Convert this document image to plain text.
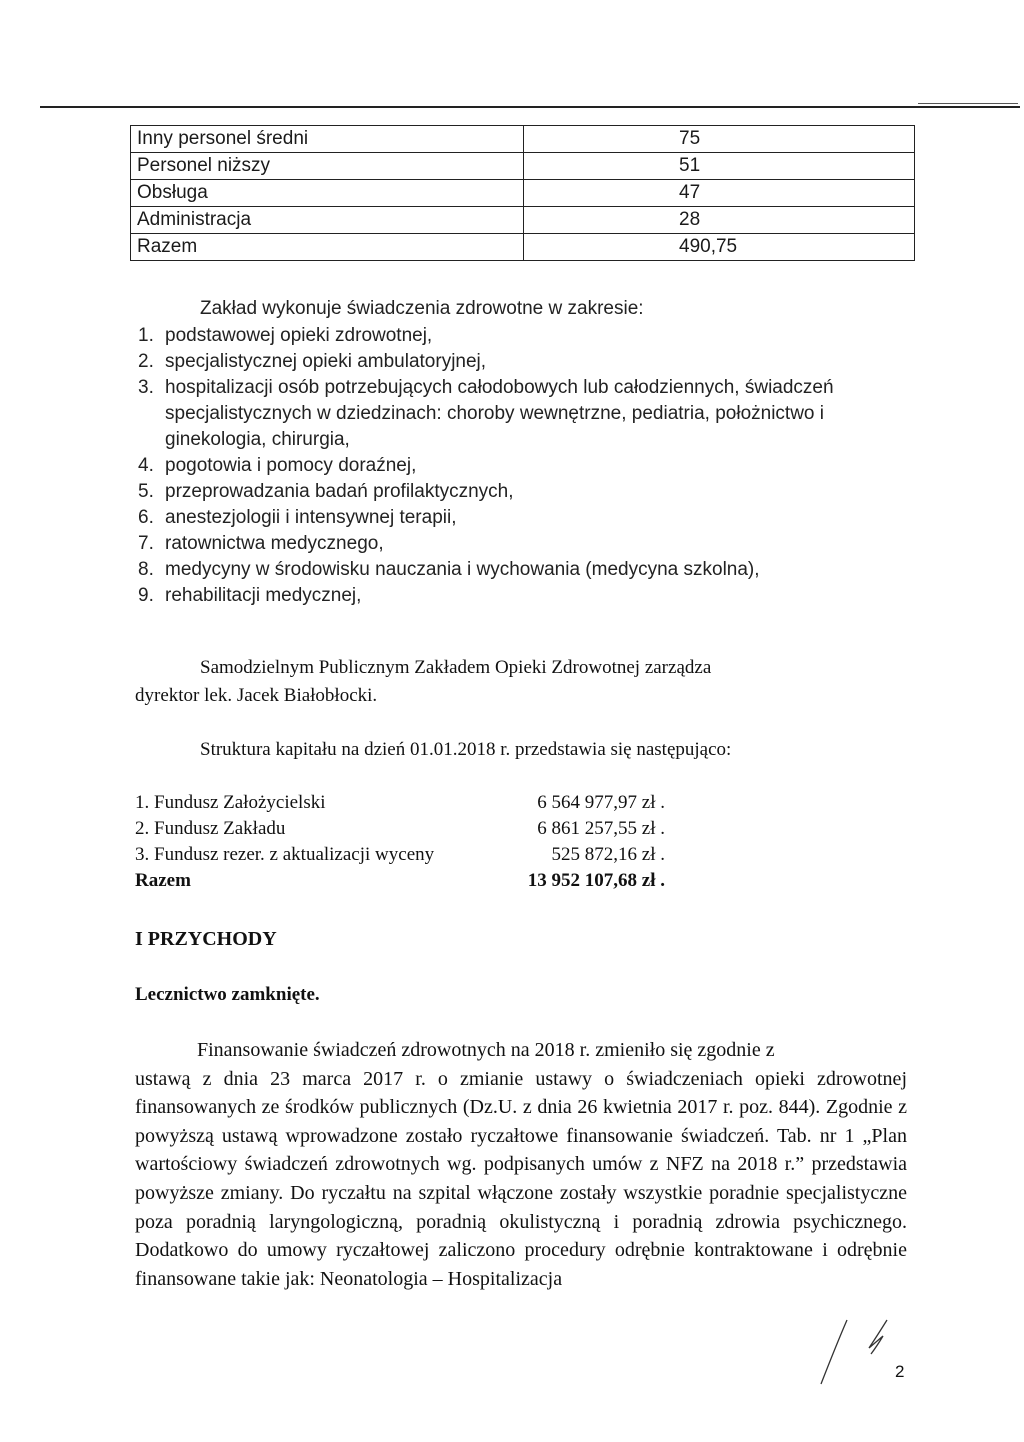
Inny personel średni	75
Personel niższy	51
Obsługa	47
Administracja	28
Razem	490,75
Zakład wykonuje świadczenia zdrowotne w zakresie:
1. podstawowej opieki zdrowotnej,
2. specjalistycznej opieki ambulatoryjnej,
3. hospitalizacji osób potrzebujących całodobowych lub całodziennych, świadczeń specjalistycznych w dziedzinach: choroby wewnętrzne, pediatria, położnictwo i ginekologia, chirurgia,
4. pogotowia i pomocy doraźnej,
5. przeprowadzania badań profilaktycznych,
6. anestezjologii i intensywnej terapii,
7. ratownictwa medycznego,
8. medycyny w środowisku nauczania i wychowania (medycyna szkolna),
9. rehabilitacji medycznej,
Samodzielnym Publicznym Zakładem Opieki Zdrowotnej zarządza
dyrektor lek. Jacek Białobłocki.
Struktura kapitału na dzień 01.01.2018 r. przedstawia się następująco:
1. Fundusz Założycielski	6 564 977,97 zł .
2. Fundusz Zakładu	6 861 257,55 zł .
3. Fundusz rezer. z aktualizacji wyceny	525 872,16 zł .
Razem	13 952 107,68 zł .
I PRZYCHODY
Lecznictwo zamknięte.
Finansowanie świadczeń zdrowotnych na 2018 r. zmieniło się zgodnie z
ustawą z dnia 23 marca 2017 r. o zmianie ustawy o świadczeniach opieki zdrowotnej finansowanych ze środków publicznych (Dz.U. z dnia 26 kwietnia 2017 r. poz. 844). Zgodnie z powyższą ustawą wprowadzone zostało ryczałtowe finansowanie świadczeń. Tab. nr 1 „Plan wartościowy świadczeń zdrowotnych wg. podpisanych umów z NFZ na 2018 r.” przedstawia powyższe zmiany. Do ryczałtu na szpital włączone zostały wszystkie poradnie specjalistyczne poza poradnią laryngologiczną, poradnią okulistyczną i poradnią zdrowia psychicznego. Dodatkowo do umowy ryczałtowej zaliczono procedury odrębnie kontraktowane i odrębnie finansowane takie jak: Neonatologia – Hospitalizacja
2
